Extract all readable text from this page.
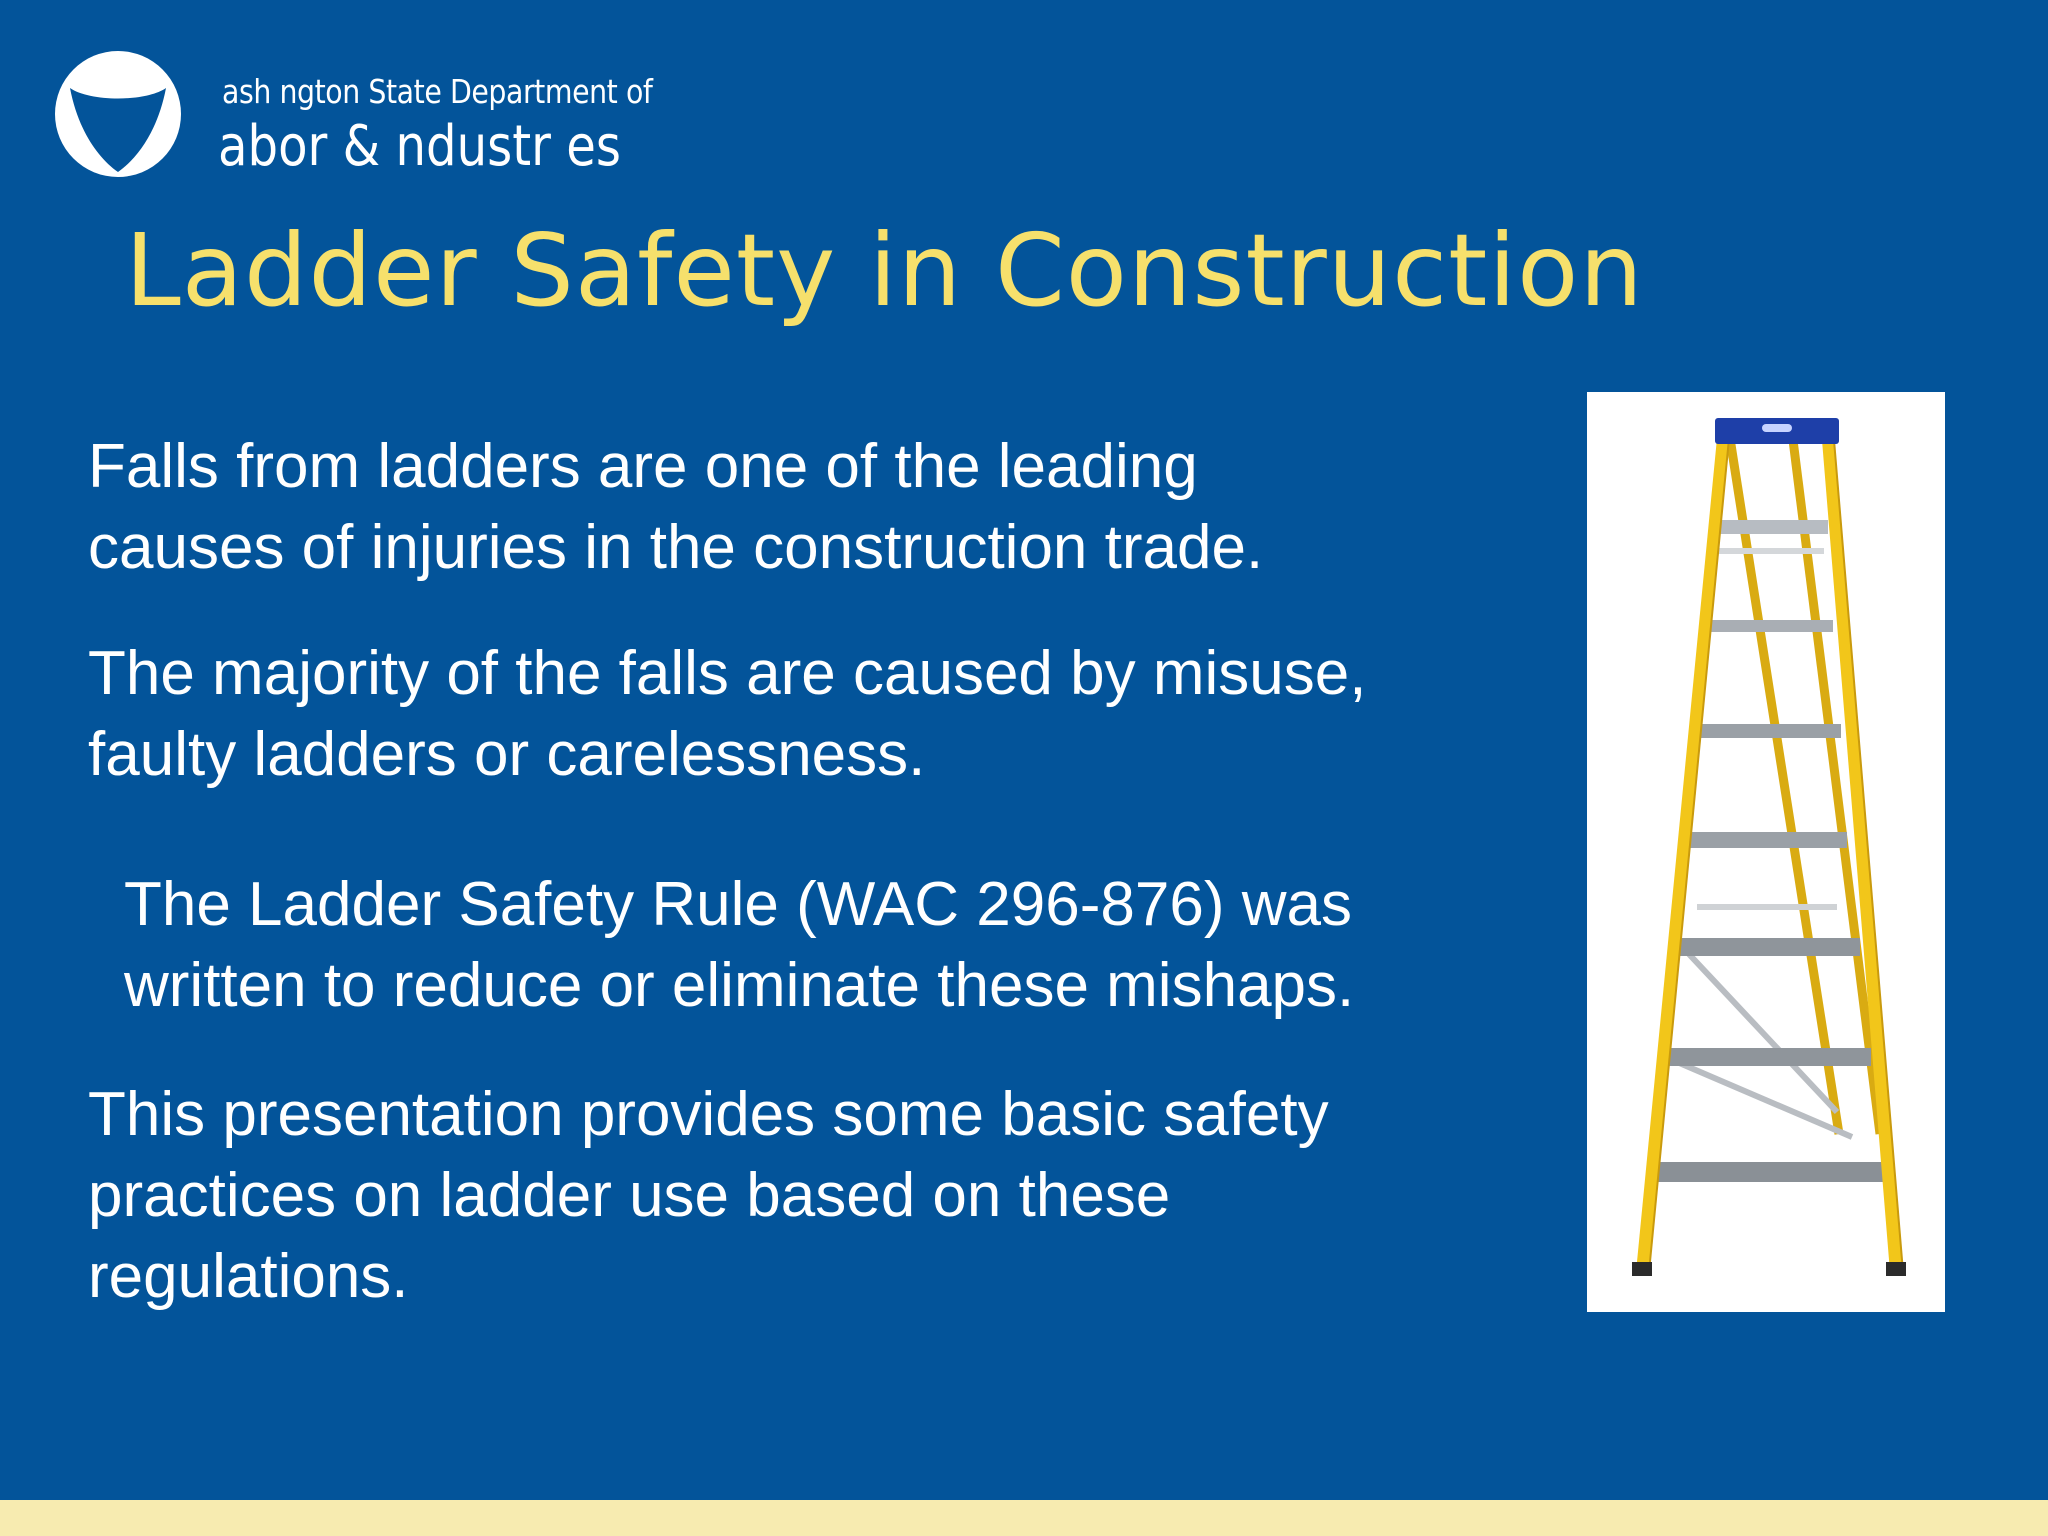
ash ngton State Department of
abor & ndustr es
Ladder Safety in Construction

Falls from ladders are one of the leading
causes of injuries in the construction trade.

The majority of the falls are caused by misuse,
faulty ladders or carelessness.

The Ladder Safety Rule (WAC 296-876) was
written to reduce or eliminate these mishaps.

This presentation provides some basic safety
practices on ladder use based on these
regulations.
